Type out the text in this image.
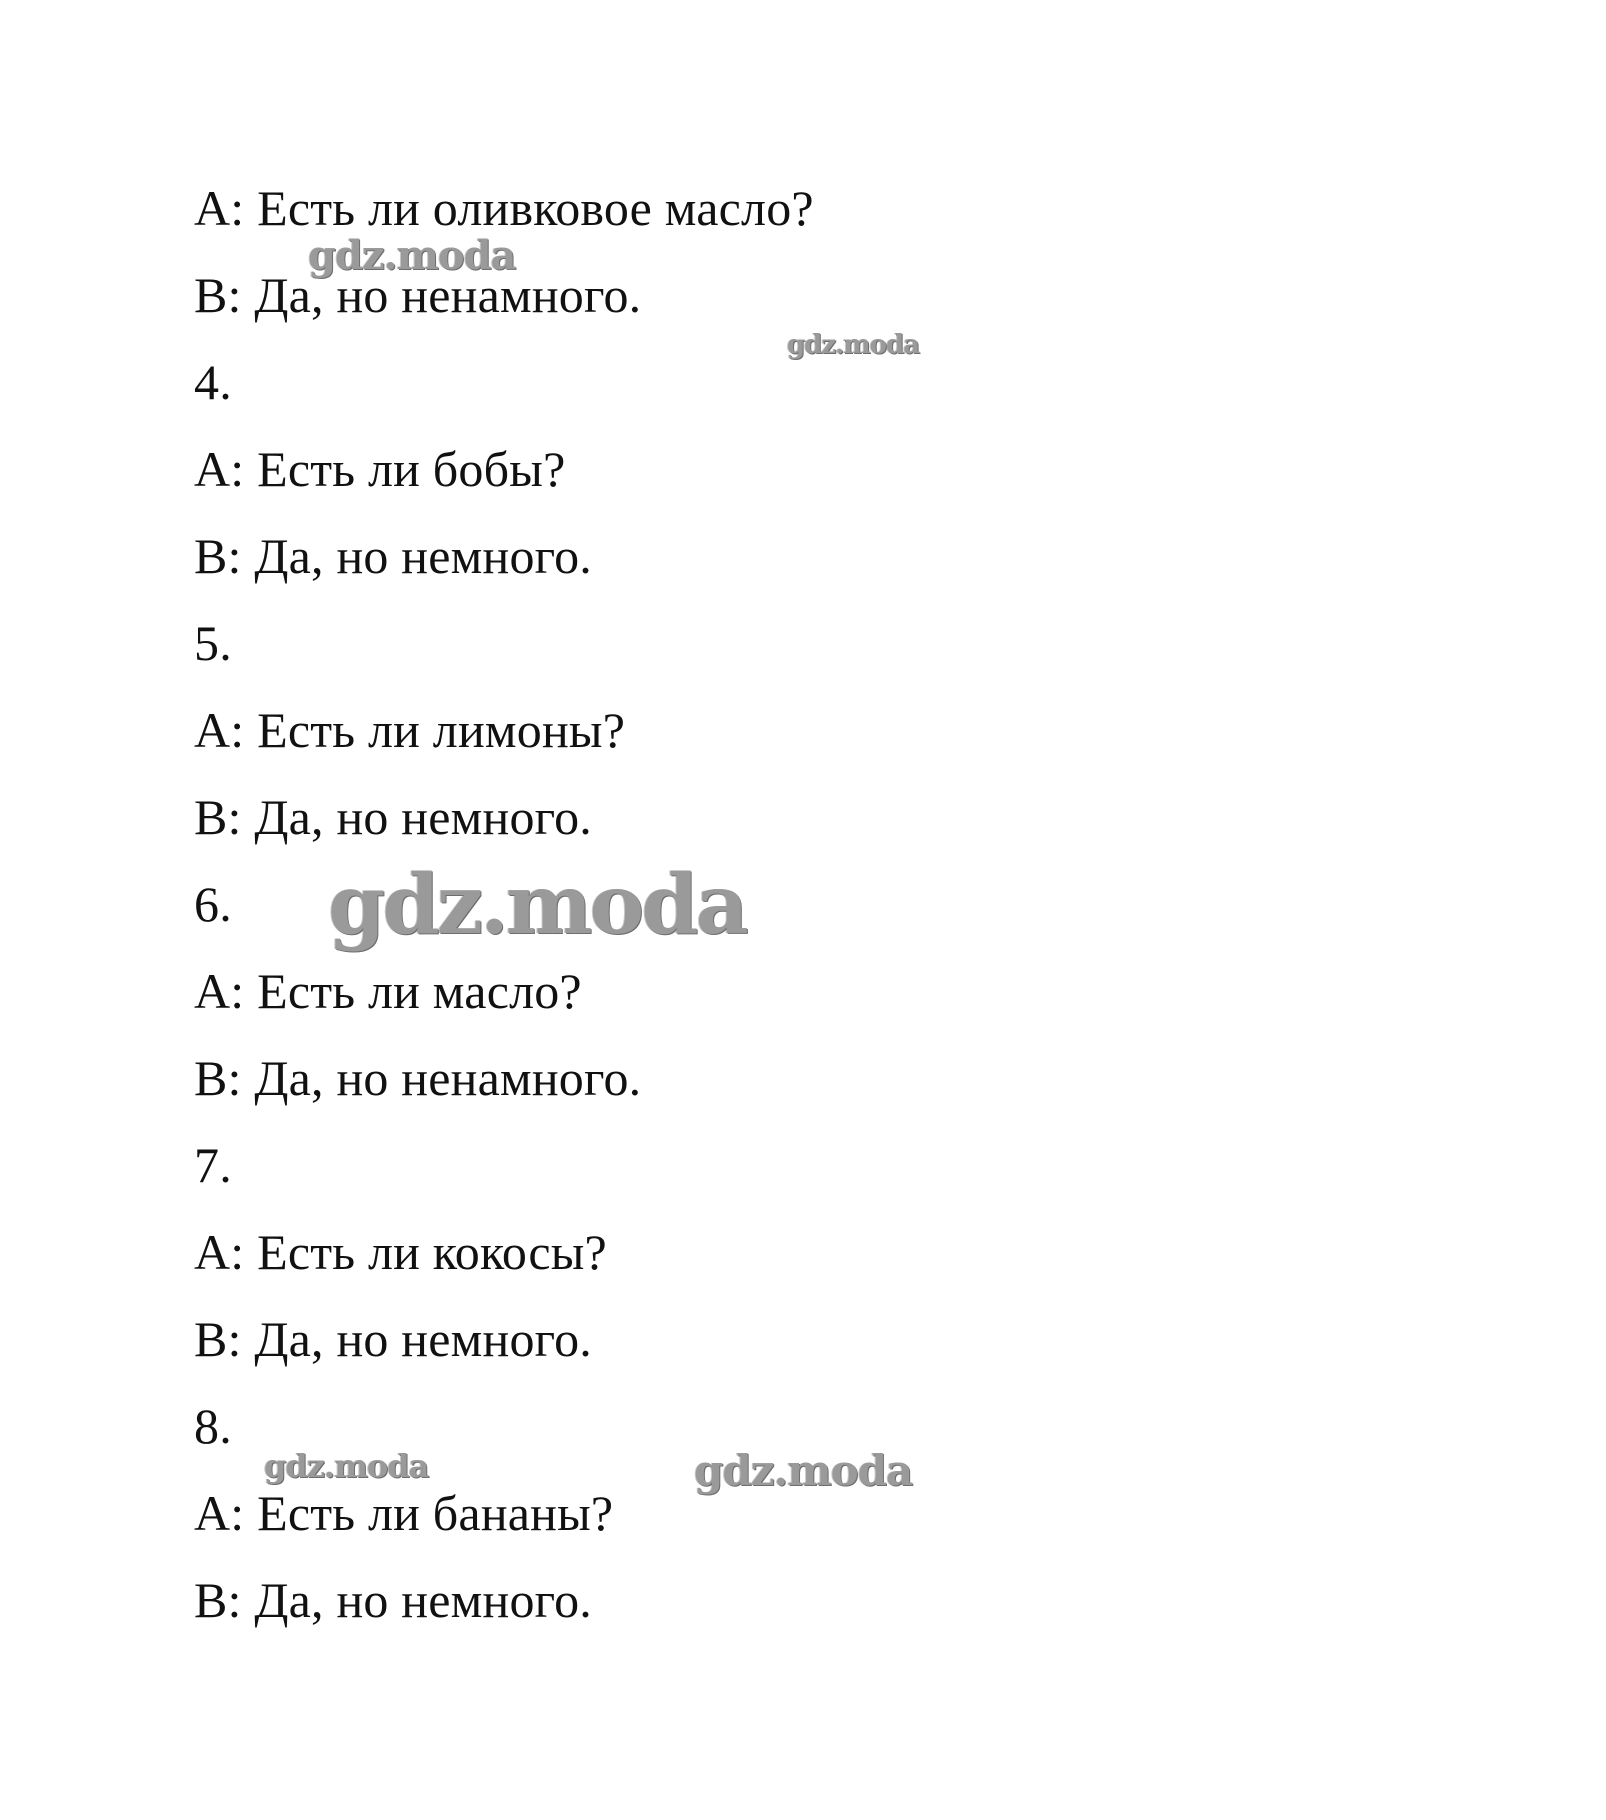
A: Есть ли оливковое масло?
B: Да, но ненамного.
4.
A: Есть ли бобы?
B: Да, но немного.
5.
A: Есть ли лимоны?
B: Да, но немного.
6.
A: Есть ли масло?
B: Да, но ненамного.
7.
A: Есть ли кокосы?
B: Да, но немного.
8.
A: Есть ли бананы?
B: Да, но немного.
gdz.moda
gdz.moda
gdz.moda
gdz.moda	gdz.moda
